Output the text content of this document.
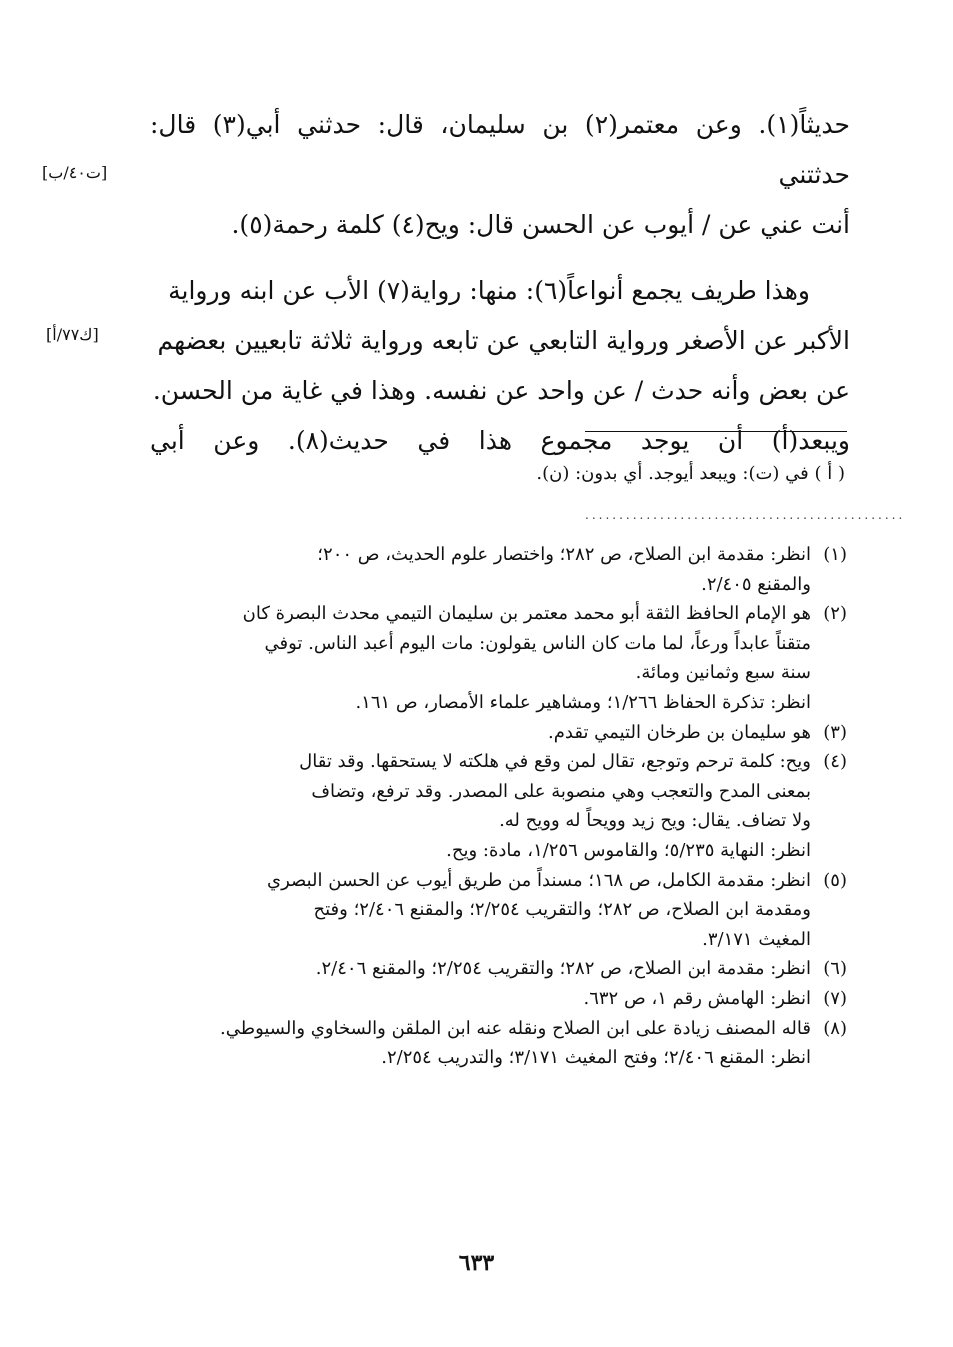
حديثاً(١). وعن معتمر(٢) بن سليمان، قال: حدثني أبي(٣) قال: حدثتني

أنت عني عن / أيوب عن الحسن قال: ويح(٤) كلمة رحمة(٥).

وهذا طريف يجمع أنواعاً(٦): منها: رواية(٧) الأب عن ابنه ورواية

الأكبر عن الأصغر ورواية التابعي عن تابعه ورواية ثلاثة تابعيين بعضهم

عن بعض وأنه حدث / عن واحد عن نفسه. وهذا في غاية من الحسن.

ويبعد(أ) أن يوجد مجموع هذا في حديث(٨). وعن أبي

[ت٤٠/ب]
[ك٧٧/أ]
( أ ) في (ت): ويبعد أيوجد. أي بدون: (ن).
...............................................
(١)
انظر: مقدمة ابن الصلاح، ص ٢٨٢؛ واختصار علوم الحديث، ص ٢٠٠؛
والمقنع ٢/٤٠٥.
(٢)
هو الإمام الحافظ الثقة أبو محمد معتمر بن سليمان التيمي محدث البصرة كان
متقناً عابداً ورعاً، لما مات كان الناس يقولون: مات اليوم أعبد الناس. توفي
سنة سبع وثمانين ومائة.
انظر: تذكرة الحفاظ ١/٢٦٦؛ ومشاهير علماء الأمصار، ص ١٦١.
(٣)
هو سليمان بن طرخان التيمي تقدم.
(٤)
ويح: كلمة ترحم وتوجع، تقال لمن وقع في هلكته لا يستحقها. وقد تقال
بمعنى المدح والتعجب وهي منصوبة على المصدر. وقد ترفع، وتضاف
ولا تضاف. يقال: ويح زيد وويحاً له وويح له.
انظر: النهاية ٥/٢٣٥؛ والقاموس ١/٢٥٦، مادة: ويح.
(٥)
انظر: مقدمة الكامل، ص ١٦٨؛ مسنداً من طريق أيوب عن الحسن البصري
ومقدمة ابن الصلاح، ص ٢٨٢؛ والتقريب ٢/٢٥٤؛ والمقنع ٢/٤٠٦؛ وفتح
المغيث ٣/١٧١.
(٦)
انظر: مقدمة ابن الصلاح، ص ٢٨٢؛ والتقريب ٢/٢٥٤؛ والمقنع ٢/٤٠٦.
(٧)
انظر: الهامش رقم ١، ص ٦٣٢.
(٨)
قاله المصنف زيادة على ابن الصلاح ونقله عنه ابن الملقن والسخاوي والسيوطي.
انظر: المقنع ٢/٤٠٦؛ وفتح المغيث ٣/١٧١؛ والتدريب ٢/٢٥٤.
٦٣٣
